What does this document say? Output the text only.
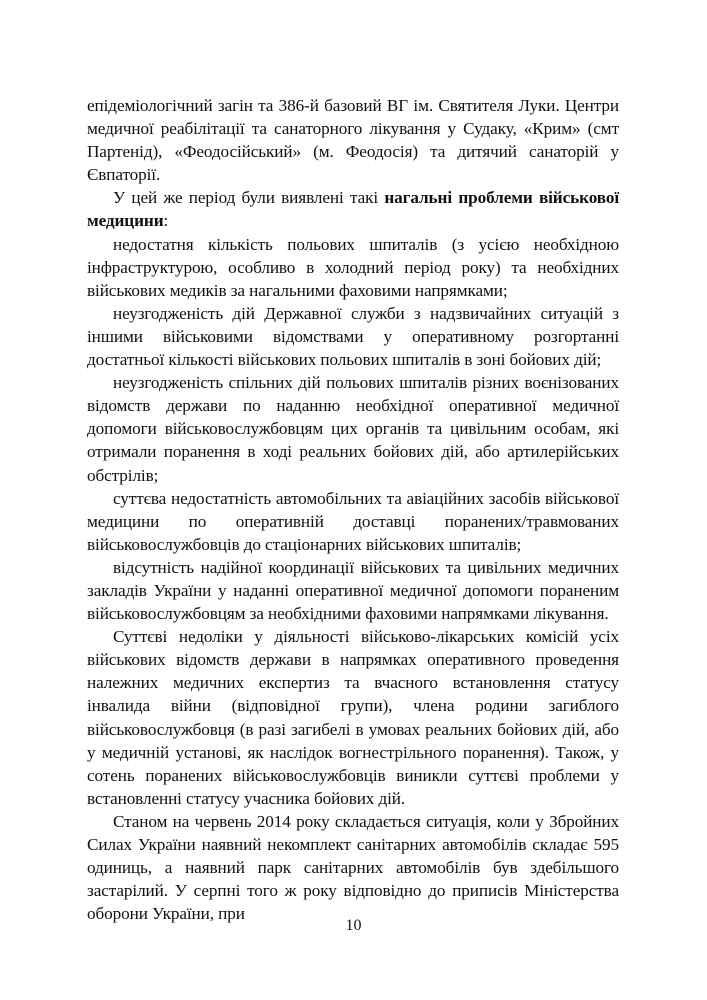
епідеміологічний загін та 386-й базовий ВГ ім. Святителя Луки. Центри медичної реабілітації та санаторного лікування у Судаку, «Крим» (смт Партенід), «Феодосійський» (м. Феодосія) та дитячий санаторій у Євпаторії.

У цей же період були виявлені такі нагальні проблеми військової медицини:

недостатня кількість польових шпиталів (з усією необхідною інфраструктурою, особливо в холодний період року) та необхідних військових медиків за нагальними фаховими напрямками;

неузгодженість дій Державної служби з надзвичайних ситуацій з іншими військовими відомствами у оперативному розгортанні достатньої кількості військових польових шпиталів в зоні бойових дій;

неузгодженість спільних дій польових шпиталів різних воєнізованих відомств держави по наданню необхідної оперативної медичної допомоги військовослужбовцям цих органів та цивільним особам, які отримали поранення в ході реальних бойових дій, або артилерійських обстрілів;

суттєва недостатність автомобільних та авіаційних засобів військової медицини по оперативній доставці поранених/травмованих військовослужбовців до стаціонарних військових шпиталів;

відсутність надійної координації військових та цивільних медичних закладів України у наданні оперативної медичної допомоги пораненим військовослужбовцям за необхідними фаховими напрямками лікування.

Суттєві недоліки у діяльності військово-лікарських комісій усіх військових відомств держави в напрямках оперативного проведення належних медичних експертиз та вчасного встановлення статусу інвалида війни (відповідної групи), члена родини загиблого військовослужбовця (в разі загибелі в умовах реальних бойових дій, або у медичній установі, як наслідок вогнестрільного поранення). Також, у сотень поранених військовослужбовців виникли суттєві проблеми у встановленні статусу учасника бойових дій.

Станом на червень 2014 року складається ситуація, коли у Збройних Силах України наявний некомплект санітарних автомобілів складає 595 одиниць, а наявний парк санітарних автомобілів був здебільшого застарілий. У серпні того ж року відповідно до приписів Міністерства оборони України, при

10
